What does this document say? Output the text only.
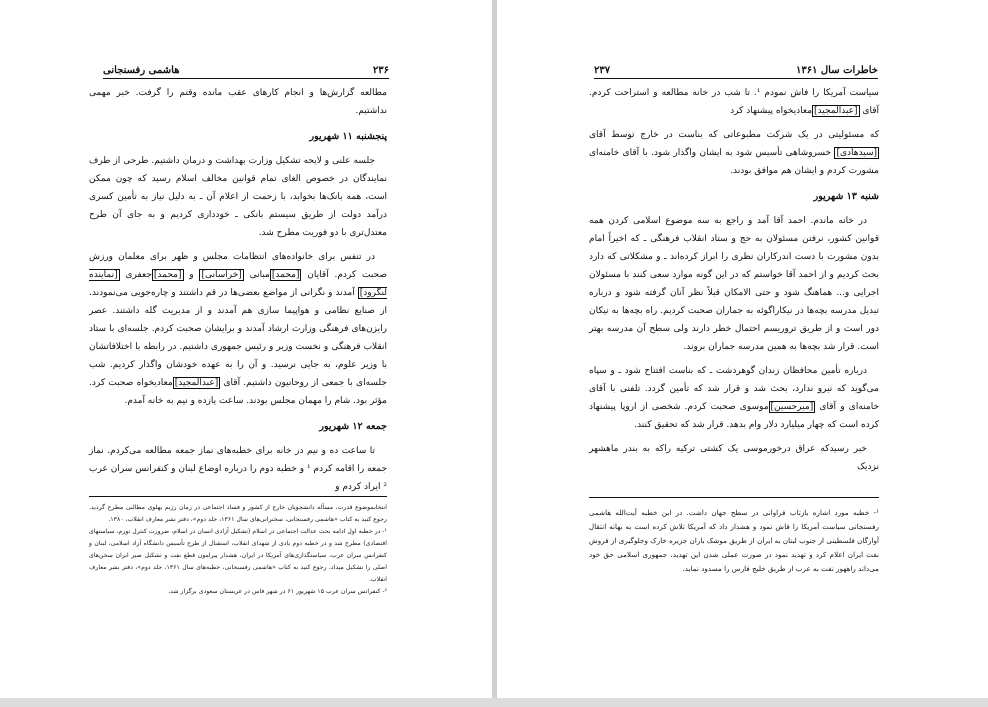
۲۳۶
هاشمی رفسنجانی

مطالعه گزارش‌ها و انجام کارهای عقب مانده وقتم را گرفت. خبر مهمی نداشتیم.

پنجشنبه ۱۱ شهریور

جلسه علنی و لایحه تشکیل وزارت بهداشت و درمان داشتیم. طرحی از طرف نمایندگان در خصوص الغای تمام قوانین مخالف اسلام رسید که چون ممکن است، همه بانک‌ها بخوابد، با زحمت از اعلام آن ـ به دلیل نیاز به تأمین کسری درآمد دولت از طریق سیستم بانکی ـ خودداری کردیم و به جای آن طرح معتدل‌تری با دو فوریت مطرح شد.

در تنفس برای خانواده‌های انتظامات مجلس و ظهر برای معلمان ورزش صحبت کردم. آقایان [محمد]مبانی [خراسانی] و [محمد]جعفری [نماینده لنگرود] آمدند و نگرانی از مواضع بعضی‌ها در قم داشتند و چاره‌جویی می‌نمودند. از صنایع نظامی و هواپیما سازی هم آمدند و از مدیریت گله داشتند. عصر رایزن‌های فرهنگی وزارت ارشاد آمدند و برایشان صحبت کردم. جلسه‌ای با ستاد انقلاب فرهنگی و نخست وزیر و رئیس جمهوری داشتیم. در رابطه با اختلافاتشان با وزیر علوم، به جایی نرسید. و آن را به عهده خودشان واگذار کردیم. شب جلسه‌ای با جمعی از روحانیون داشتیم. آقای [عبدالمجید]معادیخواه صحبت کرد. مؤثر بود. شام را مهمان مجلس بودند. ساعت یازده و نیم به خانه آمدم.

جمعه ۱۲ شهریور

تا ساعت ده و نیم در خانه برای خطبه‌های نماز جمعه مطالعه می‌کردم. نماز جمعه را اقامه کردم ¹ و خطبه دوم را درباره اوضاع لبنان و کنفرانس سران عرب ² ایراد کردم و

انتخابموضوع قدرت، مسأله دانشجویان خارج از کشور و فساد اجتماعی در زمان رژیم پهلوی مطالبی مطرح گردید. رجوع کنید به کتاب «هاشمی رفسنجانی، سخنرانی‌های سال ۱۳۶۱، جلد دوم»، دفتر نشر معارف انقلاب، ۱۳۸۰.

¹- در خطبه اول ادامه بحث عدالت اجتماعی در اسلام (تشکیل آزادی انسان در اسلام، ضرورت کنترل تورم، سیاستهای اقتصادی) مطرح شد و در خطبه دوم یادی از شهدای انقلاب، استقبال از طرح تأسیس دانشگاه آزاد اسلامی، لبنان و کنفرانس سران عرب، سیاستگذاری‌های آمریکا در ایران، هشدار پیرامون قطع نفت و تشکیل صبر ایران سخن‌های اصلی را تشکیل میداد. رجوع کنید به کتاب «هاشمی رفسنجانی، خطبه‌های سال ۱۳۶۱، جلد دوم»، دفتر نشر معارف انقلاب.

²- کنفرانس سران عرب ۱۵ شهریور ۶۱ در شهر فاس در عربستان سعودی برگزار شد.

خاطرات سال ۱۳۶۱
۲۳۷

سیاست آمریکا را فاش نمودم ¹. تا شب در خانه مطالعه و استراحت کردم. آقای [عبدالمجید]معادیخواه پیشنهاد کرد

که مسئولیتی در یک شرکت مطبوعاتی که بناست در خارج توسط آقای [سیدهادی] خسروشاهی تأسیس شود به ایشان واگذار شود. با آقای خامنه‌ای مشورت کردم و ایشان هم موافق بودند.

شنبه ۱۳ شهریور

در خانه ماندم. احمد آقا آمد و راجع به سه موضوع اسلامی کردن همه قوانین کشور، نرفتن مسئولان به حج و ستاد انقلاب فرهنگی ـ که اخیراً امام بدون مشورت با دست اندرکاران نظری را ابراز کرده‌اند ـ و مشکلاتی که دارد بحث کردیم و از احمد آقا خواستم که در این گونه موارد سعی کنند با مسئولان اجرایی و... هماهنگ شود و حتی الامکان قبلاً نظر آنان گرفته شود و درباره تبدیل مدرسه بچه‌ها در نیکاراگوئه به جماران صحبت کردیم. راه بچه‌ها به نیکان دور است و از طریق تروریسم احتمال خطر دارند ولی سطح آن مدرسه بهتر است. قرار شد بچه‌ها به همین مدرسه جماران بروند.

درباره تأمین محافظان زندان گوهردشت ـ که بناست افتتاح شود ـ و سپاه می‌گوید که نیرو ندارد، بحث شد و قرار شد که تأمین گردد. تلفنی با آقای خامنه‌ای و آقای [میرحسین]موسوی صحبت کردم. شخصی از اروپا پیشنهاد کرده است که چهار میلیارد دلار وام بدهد. قرار شد که تحقیق کنند.

خبر رسیدکه عراق درخورموسی یک کشتی ترکیه راکه به بندر ماهشهر نزدیک

¹- خطبه مورد اشاره بازتاب فراوانی در سطح جهان داشت. در این خطبه آیت‌الله هاشمی رفسنجانی سیاست آمریکا را فاش نمود و هشدار داد که آمریکا تلاش کرده است به بهانه انتقال آوارگان فلسطینی از جنوب لبنان به ایران از طریق موشک باران جزیره خارک وجلوگیری از فروش نفت ایران اعلام کرد و تهدید نمود در صورت عملی شدن این تهدید، جمهوری اسلامی حق خود می‌داند راههور نفت به عرب از طریق خلیج فارس را مسدود نماید.
